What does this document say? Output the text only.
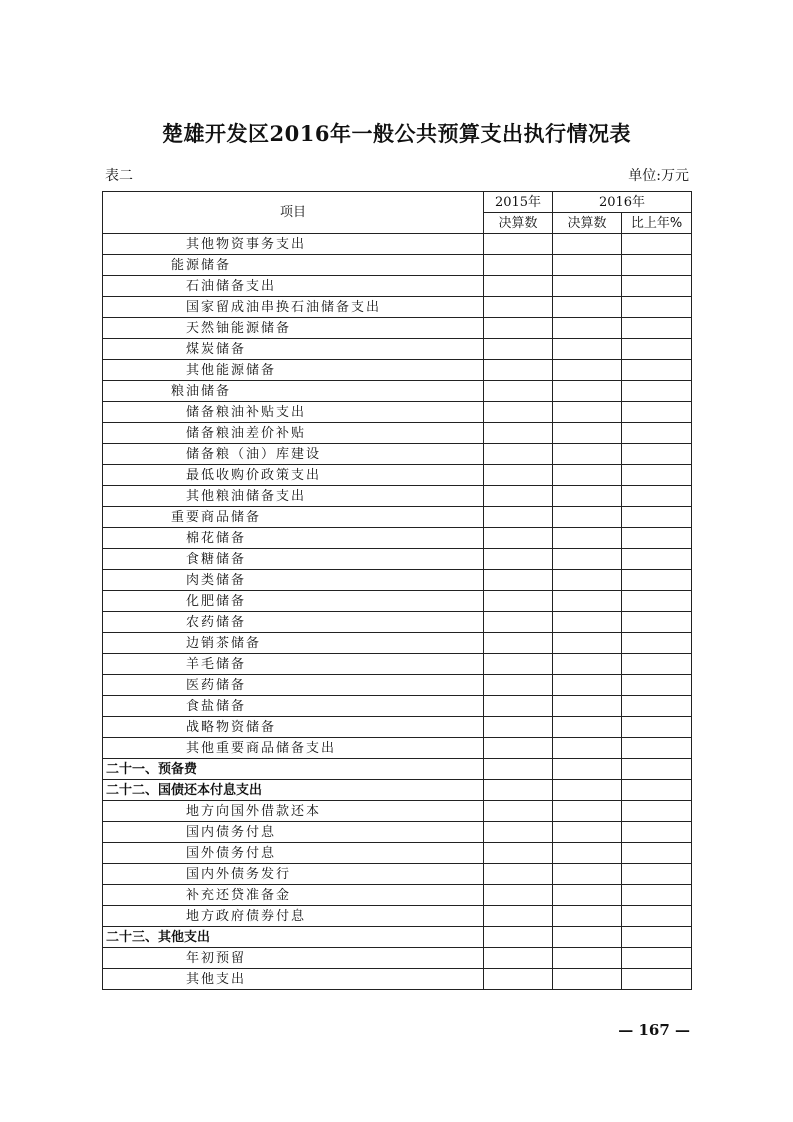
楚雄开发区2016年一般公共预算支出执行情况表
表二	单位:万元
项目	2015年	2016年	
	决算数	决算数	比上年%
其他物资事务支出			
能源储备			
石油储备支出			
国家留成油串换石油储备支出			
天然铀能源储备			
煤炭储备			
其他能源储备			
粮油储备			
储备粮油补贴支出			
储备粮油差价补贴			
储备粮（油）库建设			
最低收购价政策支出			
其他粮油储备支出			
重要商品储备			
棉花储备			
食糖储备			
肉类储备			
化肥储备			
农药储备			
边销茶储备			
羊毛储备			
医药储备			
食盐储备			
战略物资储备			
其他重要商品储备支出			
二十一、预备费			
二十二、国债还本付息支出			
地方向国外借款还本			
国内债务付息			
国外债务付息			
国内外债务发行			
补充还贷准备金			
地方政府债券付息			
二十三、其他支出			
年初预留			
其他支出			
— 167 —
